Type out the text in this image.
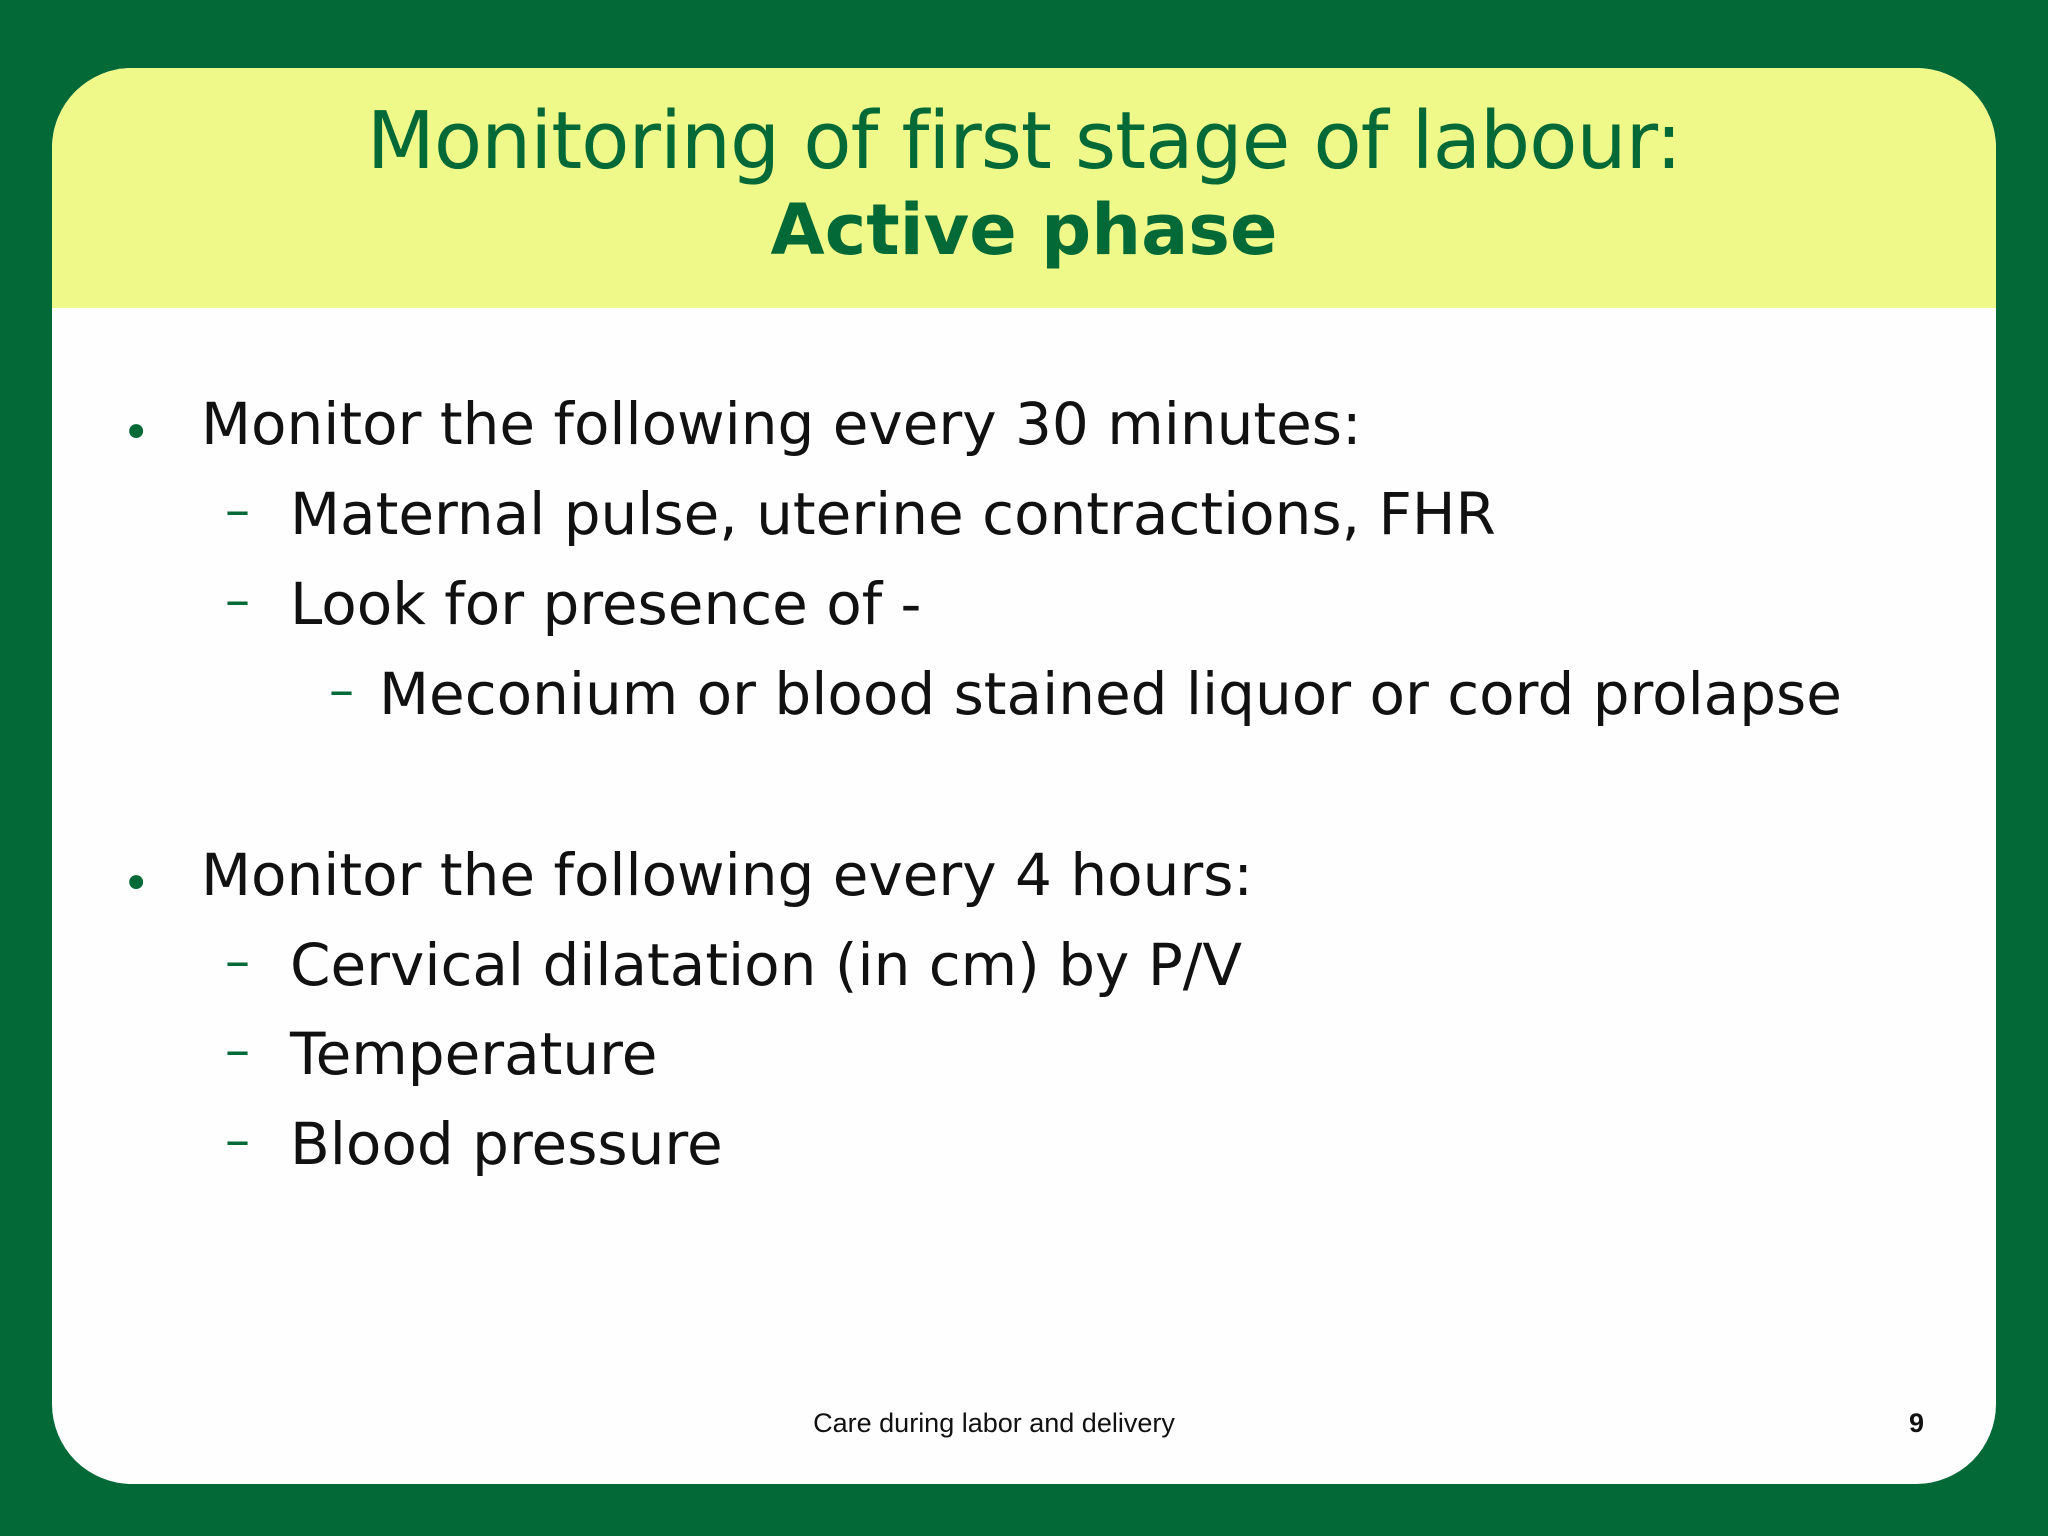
Monitoring of first stage of labour:
Active phase
• Monitor the following every 30 minutes:
– Maternal pulse, uterine contractions, FHR
– Look for presence of -
– Meconium or blood stained liquor or cord prolapse
• Monitor the following every 4 hours:
– Cervical dilatation (in cm) by P/V
– Temperature
– Blood pressure
Care during labor and delivery	9
